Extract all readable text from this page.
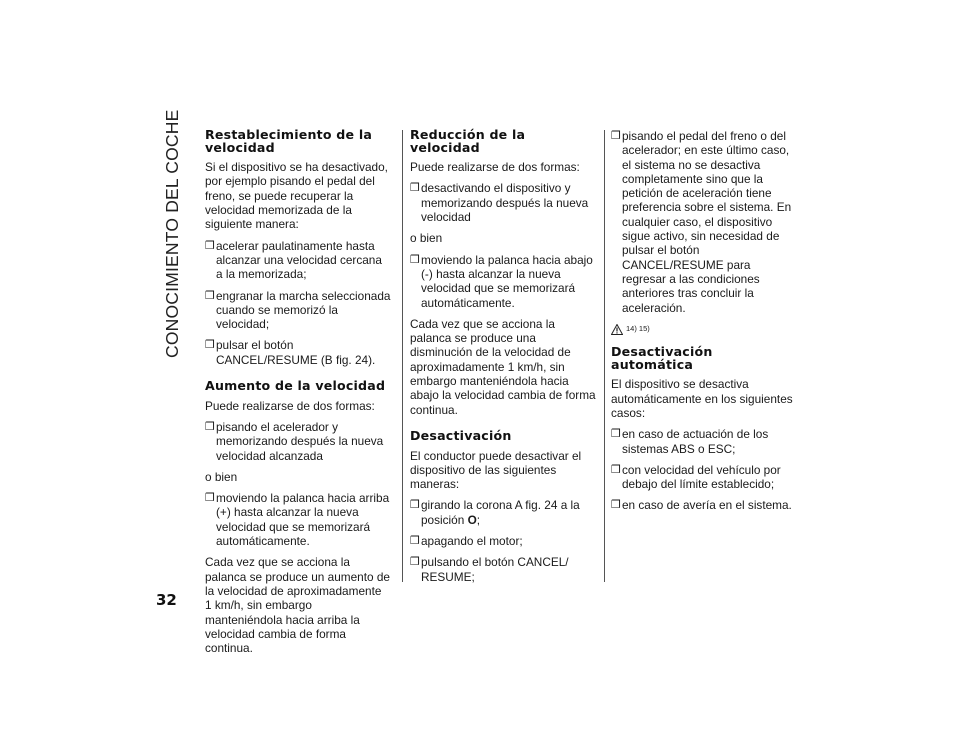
CONOCIMIENTO DEL COCHE
32
Restablecimiento de la velocidad

Si el dispositivo se ha desactivado, por ejemplo pisando el pedal del freno, se puede recuperar la velocidad memorizada de la siguiente manera:

❒ acelerar paulatinamente hasta alcanzar una velocidad cercana a la memorizada;
❒ engranar la marcha seleccionada cuando se memorizó la velocidad;
❒ pulsar el botón CANCEL/RESUME (B fig. 24).
Aumento de la velocidad

Puede realizarse de dos formas:

❒ pisando el acelerador y memorizando después la nueva velocidad alcanzada

o bien

❒ moviendo la palanca hacia arriba (+) hasta alcanzar la nueva velocidad que se memorizará automáticamente.

Cada vez que se acciona la palanca se produce un aumento de la velocidad de aproximadamente 1 km/h, sin embargo manteniéndola hacia arriba la velocidad cambia de forma continua.

Reducción de la velocidad

Puede realizarse de dos formas:

❒ desactivando el dispositivo y memorizando después la nueva velocidad

o bien

❒ moviendo la palanca hacia abajo (-) hasta alcanzar la nueva velocidad que se memorizará automáticamente.

Cada vez que se acciona la palanca se produce una disminución de la velocidad de aproximadamente 1 km/h, sin embargo manteniéndola hacia abajo la velocidad cambia de forma continua.

Desactivación

El conductor puede desactivar el dispositivo de las siguientes maneras:

❒ girando la corona A fig. 24 a la posición O;
❒ apagando el motor;
❒ pulsando el botón CANCEL/ RESUME;
❒ pisando el pedal del freno o del acelerador; en este último caso, el sistema no se desactiva completamente sino que la petición de aceleración tiene preferencia sobre el sistema. En cualquier caso, el dispositivo sigue activo, sin necesidad de pulsar el botón CANCEL/RESUME para regresar a las condiciones anteriores tras concluir la aceleración.
14) 15)
Desactivación automática

El dispositivo se desactiva automáticamente en los siguientes casos:

❒ en caso de actuación de los sistemas ABS o ESC;
❒ con velocidad del vehículo por debajo del límite establecido;
❒ en caso de avería en el sistema.
